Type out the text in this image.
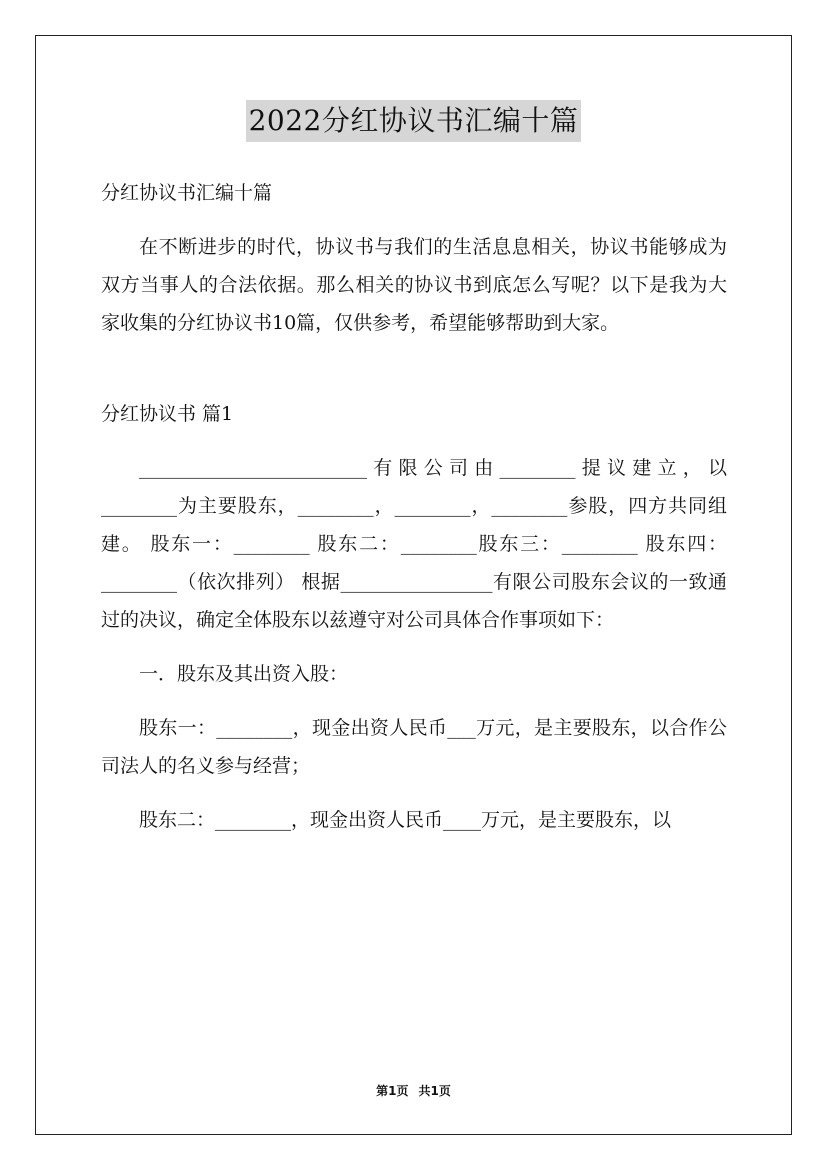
2022分红协议书汇编十篇

分红协议书汇编十篇

在不断进步的时代，协议书与我们的生活息息相关，协议书能够成为双方当事人的合法依据。那么相关的协议书到底怎么写呢？以下是我为大家收集的分红协议书10篇，仅供参考，希望能够帮助到大家。

分红协议书 篇1

________________________有限公司由________提议建立，以________为主要股东，________，________，________参股，四方共同组建。 股东一：________ 股东二：________股东三：________ 股东四：________（依次排列） 根据________________有限公司股东会议的一致通过的决议，确定全体股东以兹遵守对公司具体合作事项如下：

一．股东及其出资入股：

股东一：________，现金出资人民币___万元，是主要股东，以合作公司法人的名义参与经营；

股东二：________，现金出资人民币____万元，是主要股东，以

第1页 共1页
